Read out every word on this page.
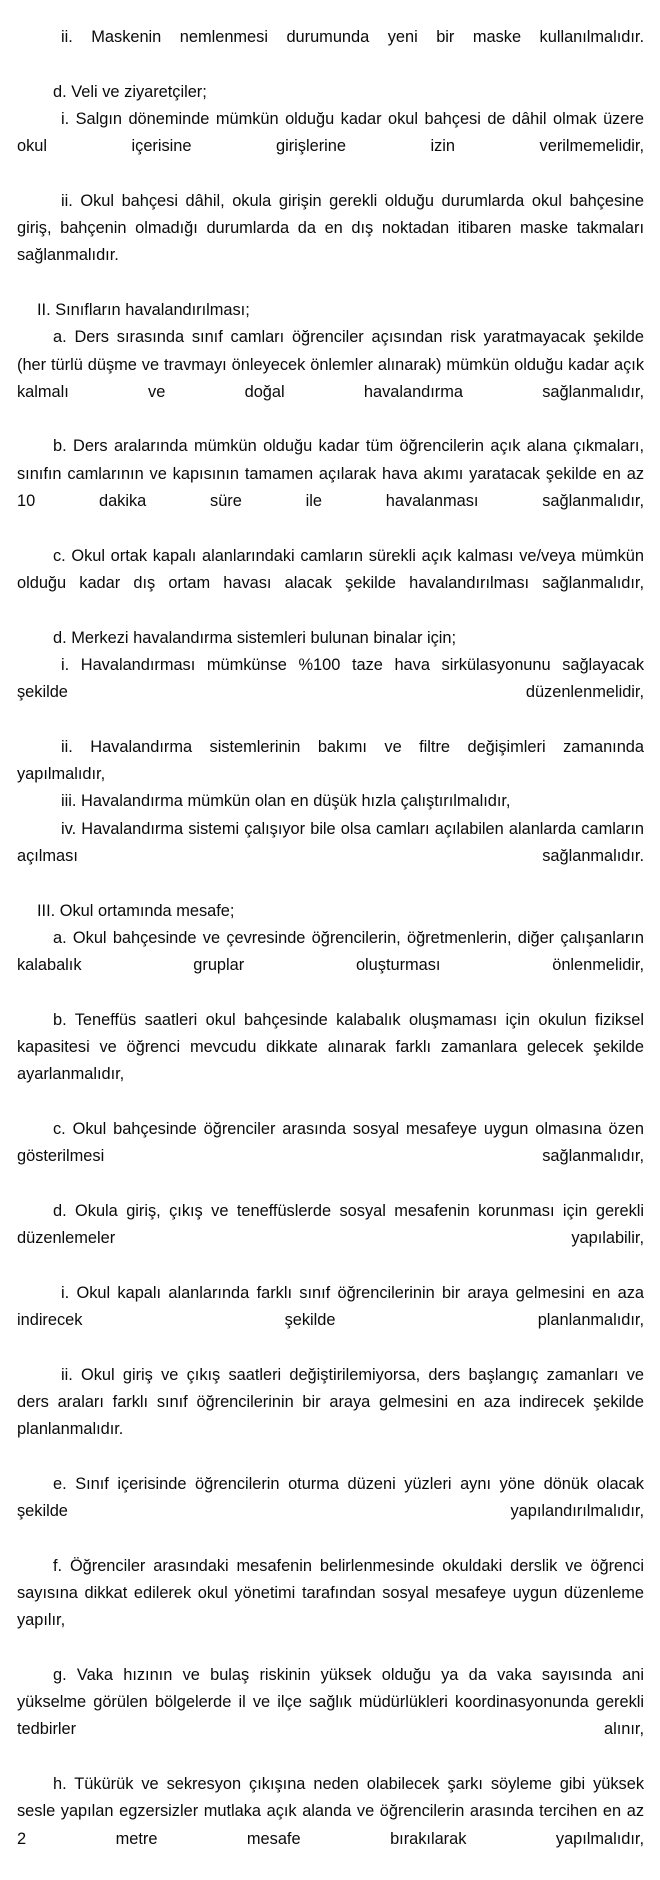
ii. Maskenin nemlenmesi durumunda yeni bir maske kullanılmalıdır.

d. Veli ve ziyaretçiler;

i. Salgın döneminde mümkün olduğu kadar okul bahçesi de dâhil olmak üzere okul içerisine girişlerine izin verilmemelidir,

ii. Okul bahçesi dâhil, okula girişin gerekli olduğu durumlarda okul bahçesine giriş, bahçenin olmadığı durumlarda da en dış noktadan itibaren maske takmaları sağlanmalıdır.

II. Sınıfların havalandırılması;

a. Ders sırasında sınıf camları öğrenciler açısından risk yaratmayacak şekilde (her türlü düşme ve travmayı önleyecek önlemler alınarak) mümkün olduğu kadar açık kalmalı ve doğal havalandırma sağlanmalıdır,

b. Ders aralarında mümkün olduğu kadar tüm öğrencilerin açık alana çıkmaları, sınıfın camlarının ve kapısının tamamen açılarak hava akımı yaratacak şekilde en az 10 dakika süre ile havalanması sağlanmalıdır,

c. Okul ortak kapalı alanlarındaki camların sürekli açık kalması ve/veya mümkün olduğu kadar dış ortam havası alacak şekilde havalandırılması sağlanmalıdır,

d. Merkezi havalandırma sistemleri bulunan binalar için;

i. Havalandırması mümkünse %100 taze hava sirkülasyonunu sağlayacak şekilde düzenlenmelidir,

ii. Havalandırma sistemlerinin bakımı ve filtre değişimleri zamanında yapılmalıdır,

iii. Havalandırma mümkün olan en düşük hızla çalıştırılmalıdır,

iv. Havalandırma sistemi çalışıyor bile olsa camları açılabilen alanlarda camların açılması sağlanmalıdır.

III. Okul ortamında mesafe;

a. Okul bahçesinde ve çevresinde öğrencilerin, öğretmenlerin, diğer çalışanların kalabalık gruplar oluşturması önlenmelidir,

b. Teneffüs saatleri okul bahçesinde kalabalık oluşmaması için okulun fiziksel kapasitesi ve öğrenci mevcudu dikkate alınarak farklı zamanlara gelecek şekilde ayarlanmalıdır,

c. Okul bahçesinde öğrenciler arasında sosyal mesafeye uygun olmasına özen gösterilmesi sağlanmalıdır,

d. Okula giriş, çıkış ve teneffüslerde sosyal mesafenin korunması için gerekli düzenlemeler yapılabilir,

i. Okul kapalı alanlarında farklı sınıf öğrencilerinin bir araya gelmesini en aza indirecek şekilde planlanmalıdır,

ii. Okul giriş ve çıkış saatleri değiştirilemiyorsa, ders başlangıç zamanları ve ders araları farklı sınıf öğrencilerinin bir araya gelmesini en aza indirecek şekilde planlanmalıdır.

e. Sınıf içerisinde öğrencilerin oturma düzeni yüzleri aynı yöne dönük olacak şekilde yapılandırılmalıdır,

f. Öğrenciler arasındaki mesafenin belirlenmesinde okuldaki derslik ve öğrenci sayısına dikkat edilerek okul yönetimi tarafından sosyal mesafeye uygun düzenleme yapılır,

g. Vaka hızının ve bulaş riskinin yüksek olduğu ya da vaka sayısında ani yükselme görülen bölgelerde il ve ilçe sağlık müdürlükleri koordinasyonunda gerekli tedbirler alınır,

h. Tükürük ve sekresyon çıkışına neden olabilecek şarkı söyleme gibi yüksek sesle yapılan egzersizler mutlaka açık alanda ve öğrencilerin arasında tercihen en az 2 metre mesafe bırakılarak yapılmalıdır,
